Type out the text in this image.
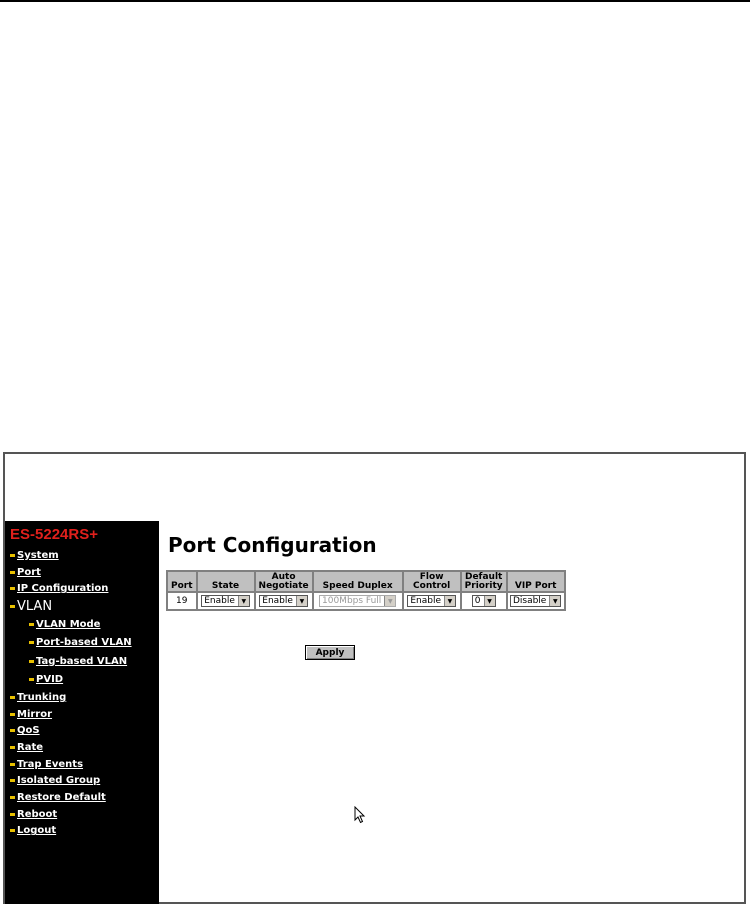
ES-5224RS+
System
Port
IP Configuration
VLAN
VLAN Mode
Port-based VLAN
Tag-based VLAN
PVID
Trunking
Mirror
QoS
Rate
Trap Events
Isolated Group
Restore Default
Reboot
Logout
Port Configuration
Port	State	Auto Negotiate	Speed Duplex	Flow Control	Default Priority	VIP Port
19	Enable ▼	Enable ▼	100Mbps Full ▼	Enable ▼	0 ▼	Disable ▼
Apply
